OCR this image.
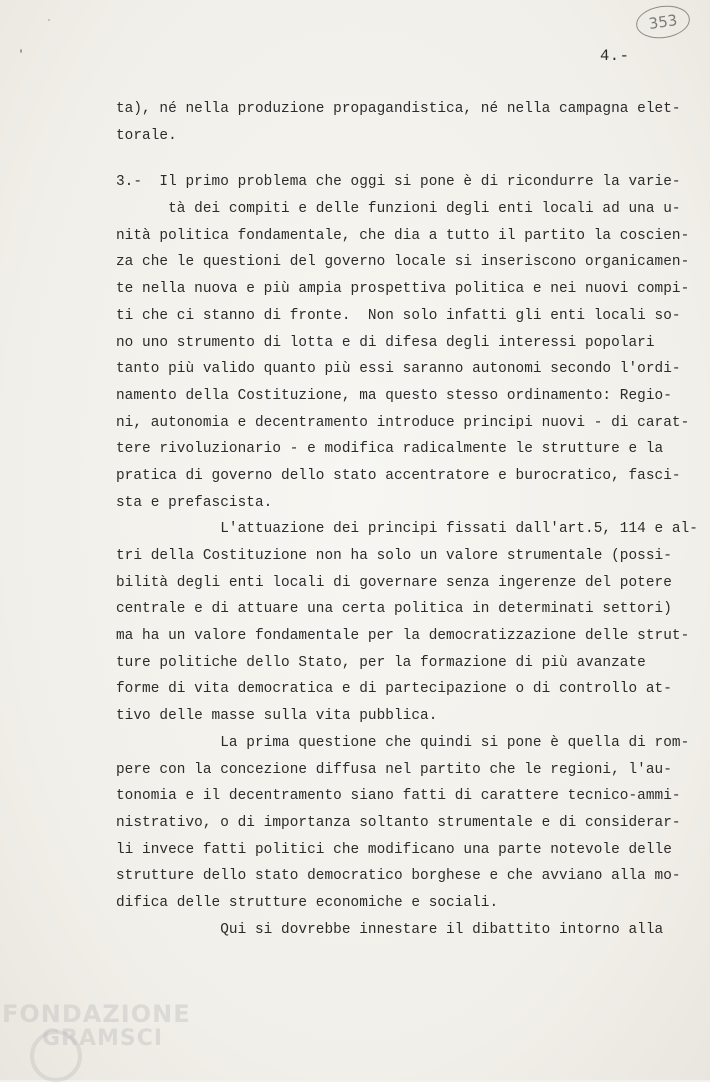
353
˙
'	4.-
ta), né nella produzione propagandistica, né nella campagna elet-
torale.
3.-  Il primo problema che oggi si pone è di ricondurre la varie-
tà dei compiti e delle funzioni degli enti locali ad una u-
nità politica fondamentale, che dia a tutto il partito la coscien-
za che le questioni del governo locale si inseriscono organicamen-
te nella nuova e più ampia prospettiva politica e nei nuovi compi-
ti che ci stanno di fronte.  Non solo infatti gli enti locali so-
no uno strumento di lotta e di difesa degli interessi popolari
tanto più valido quanto più essi saranno autonomi secondo l'ordi-
namento della Costituzione, ma questo stesso ordinamento: Regio-
ni, autonomia e decentramento introduce principi nuovi - di carat-
tere rivoluzionario - e modifica radicalmente le strutture e la
pratica di governo dello stato accentratore e burocratico, fasci-
sta e prefascista.
L'attuazione dei principi fissati dall'art.5, 114 e al-
tri della Costituzione non ha solo un valore strumentale (possi-
bilità degli enti locali di governare senza ingerenze del potere
centrale e di attuare una certa politica in determinati settori)
ma ha un valore fondamentale per la democratizzazione delle strut-
ture politiche dello Stato, per la formazione di più avanzate
forme di vita democratica e di partecipazione o di controllo at-
tivo delle masse sulla vita pubblica.
La prima questione che quindi si pone è quella di rom-
pere con la concezione diffusa nel partito che le regioni, l'au-
tonomia e il decentramento siano fatti di carattere tecnico-ammi-
nistrativo, o di importanza soltanto strumentale e di considerar-
li invece fatti politici che modificano una parte notevole delle
strutture dello stato democratico borghese e che avviano alla mo-
difica delle strutture economiche e sociali.
Qui si dovrebbe innestare il dibattito intorno alla
FONDAZIONE
GRAMSCI
